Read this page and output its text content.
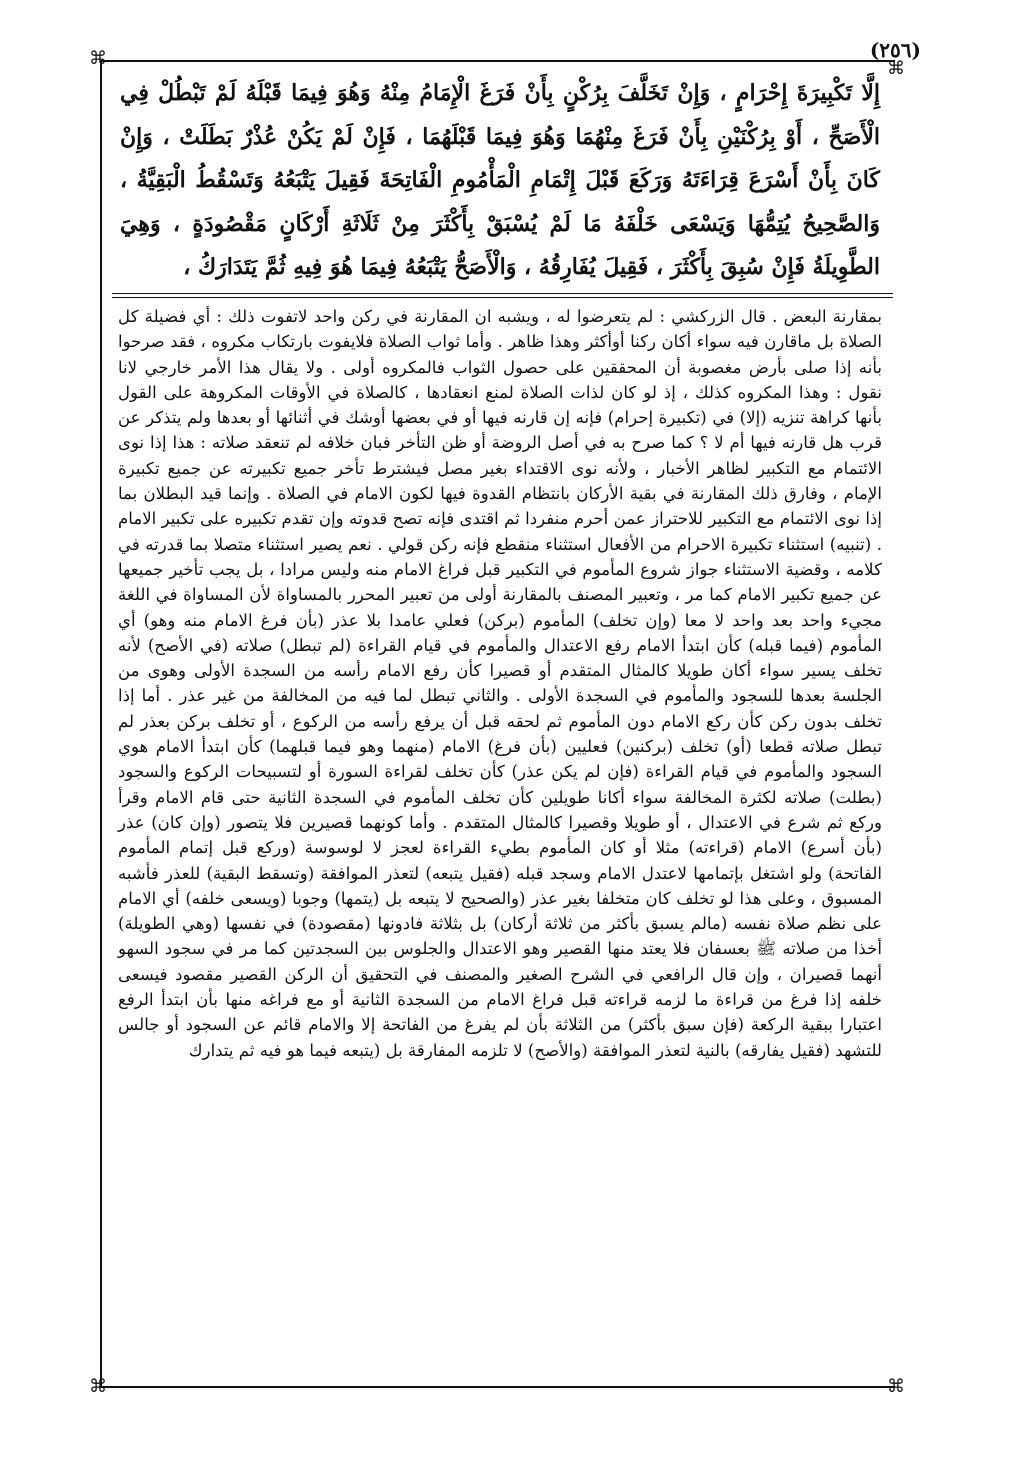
(٢٥٦)
⌘	⌘
⌘	⌘

إِلَّا تَكْبِيرَةَ إِحْرَامٍ ، وَإِنْ تَخَلَّفَ بِرُكْنٍ بِأَنْ فَرَغَ الْإِمَامُ مِنْهُ وَهُوَ فِيمَا قَبْلَهُ لَمْ تَبْطُلْ فِي الْأَصَحِّ ، أَوْ بِرُكْنَيْنِ بِأَنْ فَرَغَ مِنْهُمَا وَهُوَ فِيمَا قَبْلَهُمَا ، فَإِنْ لَمْ يَكُنْ عُذْرٌ بَطَلَتْ ، وَإِنْ كَانَ بِأَنْ أَسْرَعَ قِرَاءَتَهُ وَرَكَعَ قَبْلَ إِتْمَامِ الْمَأْمُومِ الْفَاتِحَةَ فَقِيلَ يَتْبَعُهُ وَتَسْقُطُ الْبَقِيَّةُ ، وَالصَّحِيحُ يُتِمُّهَا وَيَسْعَى خَلْفَهُ مَا لَمْ يُسْبَقْ بِأَكْثَرَ مِنْ ثَلَاثَةِ أَرْكَانٍ مَقْصُودَةٍ ، وَهِيَ الطَّوِيلَةُ فَإِنْ سُبِقَ بِأَكْثَرَ ، فَقِيلَ يُفَارِقُهُ ، وَالْأَصَحُّ يَتْبَعُهُ فِيمَا هُوَ فِيهِ ثُمَّ يَتَدَارَكُ ،

بمقارنة البعض . قال الزركشي : لم يتعرضوا له ، ويشبه ان المقارنة في ركن واحد لاتفوت ذلك : أي فضيلة كل الصلاة بل ماقارن فيه سواء أكان ركنا أوأكثر وهذا ظاهر . وأما ثواب الصلاة فلايفوت بارتكاب مكروه ، فقد صرحوا بأنه إذا صلى بأرض مغصوبة أن المحققين على حصول الثواب فالمكروه أولى . ولا يقال هذا الأمر خارجي لانا نقول : وهذا المكروه كذلك ، إذ لو كان لذات الصلاة لمنع انعقادها ، كالصلاة في الأوقات المكروهة على القول بأنها كراهة تنزيه (إلا) في (تكبيرة إحرام) فإنه إن قارنه فيها أو في بعضها أوشك في أثنائها أو بعدها ولم يتذكر عن قرب هل قارنه فيها أم لا ؟ كما صرح به في أصل الروضة أو ظن التأخر فبان خلافه لم تنعقد صلاته : هذا إذا نوى الائتمام مع التكبير لظاهر الأخبار ، ولأنه نوى الاقتداء بغير مصل فيشترط تأخر جميع تكبيرته عن جميع تكبيرة الإمام ، وفارق ذلك المقارنة في بقية الأركان بانتظام القدوة فيها لكون الامام في الصلاة . وإنما قيد البطلان بما إذا نوى الائتمام مع التكبير للاحتراز عمن أحرم منفردا ثم اقتدى فإنه تصح قدوته وإن تقدم تكبيره على تكبير الامام . (تنبيه) استثناء تكبيرة الاحرام من الأفعال استثناء منقطع فإنه ركن قولي . نعم يصير استثناء متصلا بما قدرته في كلامه ، وقضية الاستثناء جواز شروع المأموم في التكبير قبل فراغ الامام منه وليس مرادا ، بل يجب تأخير جميعها عن جميع تكبير الامام كما مر ، وتعبير المصنف بالمقارنة أولى من تعبير المحرر بالمساواة لأن المساواة في اللغة مجيء واحد بعد واحد لا معا (وإن تخلف) المأموم (بركن) فعلي عامدا بلا عذر (بأن فرغ الامام منه وهو) أي المأموم (فيما قبله) كأن ابتدأ الامام رفع الاعتدال والمأموم في قيام القراءة (لم تبطل) صلاته (في الأصح) لأنه تخلف يسير سواء أكان طويلا كالمثال المتقدم أو قصيرا كأن رفع الامام رأسه من السجدة الأولى وهوى من الجلسة بعدها للسجود والمأموم في السجدة الأولى . والثاني تبطل لما فيه من المخالفة من غير عذر . أما إذا تخلف بدون ركن كأن ركع الامام دون المأموم ثم لحقه قبل أن يرفع رأسه من الركوع ، أو تخلف بركن بعذر لم تبطل صلاته قطعا (أو) تخلف (بركنين) فعليين (بأن فرغ) الامام (منهما وهو فيما قبلهما) كأن ابتدأ الامام هوي السجود والمأموم في قيام القراءة (فإن لم يكن عذر) كأن تخلف لقراءة السورة أو لتسبيحات الركوع والسجود (بطلت) صلاته لكثرة المخالفة سواء أكانا طويلين كأن تخلف المأموم في السجدة الثانية حتى قام الامام وقرأ وركع ثم شرع في الاعتدال ، أو طويلا وقصيرا كالمثال المتقدم . وأما كونهما قصيرين فلا يتصور (وإن كان) عذر (بأن أسرع) الامام (قراءته) مثلا أو كان المأموم بطيء القراءة لعجز لا لوسوسة (وركع قبل إتمام المأموم الفاتحة) ولو اشتغل بإتمامها لاعتدل الامام وسجد قبله (فقيل يتبعه) لتعذر الموافقة (وتسقط البقية) للعذر فأشبه المسبوق ، وعلى هذا لو تخلف كان متخلفا بغير عذر (والصحيح لا يتبعه بل (يتمها) وجوبا (ويسعى خلفه) أي الامام على نظم صلاة نفسه (مالم يسبق بأكثر من ثلاثة أركان) بل بثلاثة فادونها (مقصودة) في نفسها (وهي الطويلة) أخذا من صلاته ﷺ بعسفان فلا يعتد منها القصير وهو الاعتدال والجلوس بين السجدتين كما مر في سجود السهو أنهما قصيران ، وإن قال الرافعي في الشرح الصغير والمصنف في التحقيق أن الركن القصير مقصود فيسعى خلفه إذا فرغ من قراءة ما لزمه قراءته قبل فراغ الامام من السجدة الثانية أو مع فراغه منها بأن ابتدأ الرفع اعتبارا ببقية الركعة (فإن سبق بأكثر) من الثلاثة بأن لم يفرغ من الفاتحة إلا والامام قائم عن السجود أو جالس للتشهد (فقيل يفارقه) بالنية لتعذر الموافقة (والأصح) لا تلزمه المفارقة بل (يتبعه فيما هو فيه ثم يتدارك
